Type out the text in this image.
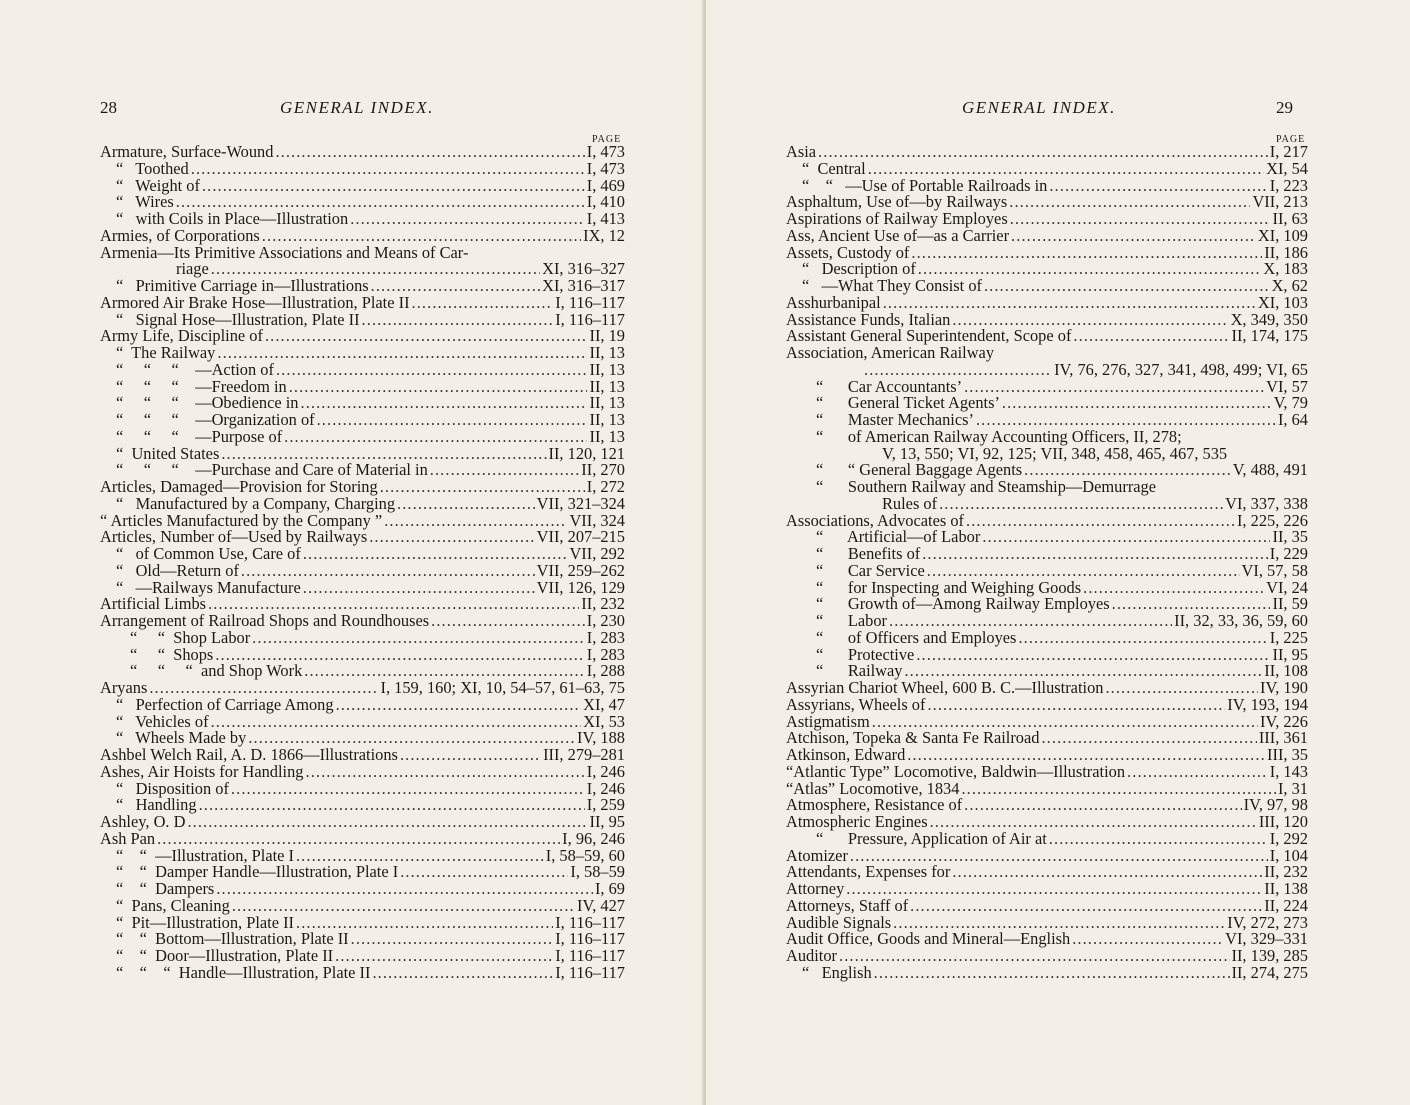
28	GENERAL INDEX.
PAGE
Armature, Surface-Wound . . .	I, 473
“   Toothed . . .	I, 473
“   Weight of . . .	I, 469
“   Wires . . .	I, 410
“   with Coils in Place—Illustration . . .	I, 413
Armies, of Corporations . . .	IX, 12
Armenia—Its Primitive Associations and Means of Car-
riage . . .	XI, 316–327
“   Primitive Carriage in—Illustrations . . .	XI, 316–317
Armored Air Brake Hose—Illustration, Plate II . . .	I, 116–117
“   Signal Hose—Illustration, Plate II . . .	I, 116–117
Army Life, Discipline of . . .	II, 19
“  The Railway . . .	II, 13
“     “     “    —Action of . . .	II, 13
“     “     “    —Freedom in . . .	II, 13
“     “     “    —Obedience in . . .	II, 13
“     “     “    —Organization of . . .	II, 13
“     “     “    —Purpose of . . .	II, 13
“  United States . . .	II, 120, 121
“     “     “    —Purchase and Care of Material in . . .	II, 270
Articles, Damaged—Provision for Storing . . .	I, 272
“   Manufactured by a Company, Charging . . .	VII, 321–324
“ Articles Manufactured by the Company ” . . .	VII, 324
Articles, Number of—Used by Railways . . .	VII, 207–215
“   of Common Use, Care of . . .	VII, 292
“   Old—Return of . . .	VII, 259–262
“   —Railways Manufacture . . .	VII, 126, 129
Artificial Limbs . . .	II, 232
Arrangement of Railroad Shops and Roundhouses . . .	I, 230
“     “  Shop Labor . . .	I, 283
“     “  Shops . . .	I, 283
“     “     “  and Shop Work . . .	I, 288
Aryans . . .	I, 159, 160; XI, 10, 54–57, 61–63, 75
“   Perfection of Carriage Among . . .	XI, 47
“   Vehicles of . . .	XI, 53
“   Wheels Made by . . .	IV, 188
Ashbel Welch Rail, A. D. 1866—Illustrations . . .	III, 279–281
Ashes, Air Hoists for Handling . . .	I, 246
“   Disposition of . . .	I, 246
“   Handling . . .	I, 259
Ashley, O. D . . .	II, 95
Ash Pan . . .	I, 96, 246
“    “  —Illustration, Plate I . . .	I, 58–59, 60
“    “  Damper Handle—Illustration, Plate I . . .	I, 58–59
“    “  Dampers . . .	I, 69
“  Pans, Cleaning . . .	IV, 427
“  Pit—Illustration, Plate II . . .	I, 116–117
“    “  Bottom—Illustration, Plate II . . .	I, 116–117
“    “  Door—Illustration, Plate II . . .	I, 116–117
“    “    “  Handle—Illustration, Plate II . . .	I, 116–117
GENERAL INDEX.	29
PAGE
Asia . . .	I, 217
“  Central . . .	XI, 54
“    “   —Use of Portable Railroads in . . .	I, 223
Asphaltum, Use of—by Railways . . .	VII, 213
Aspirations of Railway Employes . . .	II, 63
Ass, Ancient Use of—as a Carrier . . .	XI, 109
Assets, Custody of . . .	II, 186
“   Description of . . .	X, 183
“   —What They Consist of . . .	X, 62
Asshurbanipal . . .	XI, 103
Assistance Funds, Italian . . .	X, 349, 350
Assistant General Superintendent, Scope of . . .	II, 174, 175
Association, American Railway
. . .
IV, 76, 276, 327, 341, 498, 499; VI, 65
“      Car Accountants’ . . .	VI, 57
“      General Ticket Agents’ . . .	V, 79
“      Master Mechanics’ . . .	I, 64
“      of American Railway Accounting Officers, II, 278;
V, 13, 550; VI, 92, 125; VII, 348, 458, 465, 467, 535
“      “ General Baggage Agents . . .	V, 488, 491
“      Southern Railway and Steamship—Demurrage
Rules of . . .	VI, 337, 338
Associations, Advocates of . . .	I, 225, 226
“      Artificial—of Labor . . .	II, 35
“      Benefits of . . .	I, 229
“      Car Service . . .	VI, 57, 58
“      for Inspecting and Weighing Goods . . .	VI, 24
“      Growth of—Among Railway Employes . . .	II, 59
“      Labor . . .	II, 32, 33, 36, 59, 60
“      of Officers and Employes . . .	I, 225
“      Protective . . .	II, 95
“      Railway . . .	II, 108
Assyrian Chariot Wheel, 600 B. C.—Illustration . . .	IV, 190
Assyrians, Wheels of . . .	IV, 193, 194
Astigmatism . . .	IV, 226
Atchison, Topeka & Santa Fe Railroad . . .	III, 361
Atkinson, Edward . . .	III, 35
“Atlantic Type” Locomotive, Baldwin—Illustration . . .	I, 143
“Atlas” Locomotive, 1834 . . .	I, 31
Atmosphere, Resistance of . . .	IV, 97, 98
Atmospheric Engines . . .	III, 120
“      Pressure, Application of Air at . . .	I, 292
Atomizer . . .	I, 104
Attendants, Expenses for . . .	II, 232
Attorney . . .	II, 138
Attorneys, Staff of . . .	II, 224
Audible Signals . . .	IV, 272, 273
Audit Office, Goods and Mineral—English . . .	VI, 329–331
Auditor . . .	II, 139, 285
“   English . . .	II, 274, 275
